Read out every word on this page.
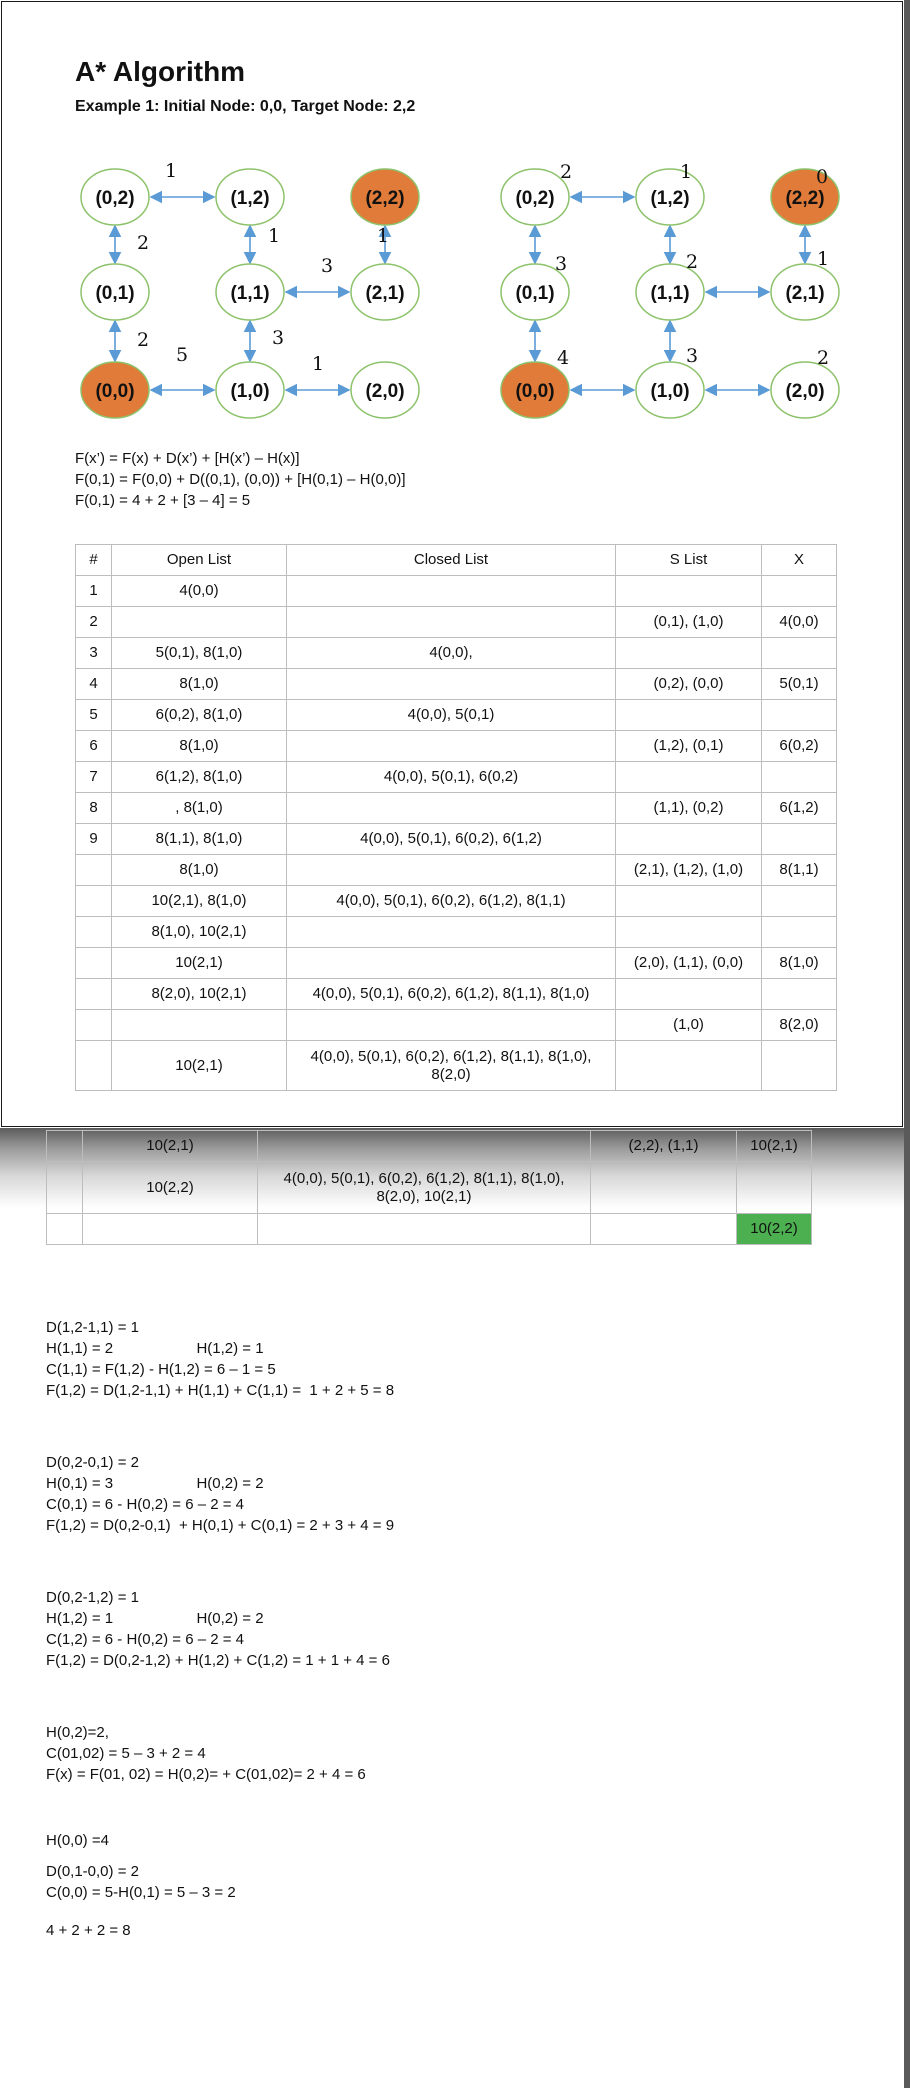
A* Algorithm
Example 1: Initial Node: 0,0, Target Node: 2,2
(0,2)	(1,2)	(2,2)
(0,1)	(1,1)	(2,1)
(0,0)	(1,0)	(2,0)
1
2	1
3
1
2
5
3
1
(0,2)	(1,2)	(2,2)
(0,1)	(1,1)	(2,1)
(0,0)	(1,0)	(2,0)
2	1	0
3	2	1
4	3	2
F(x’) = F(x) + D(x’) + [H(x’) – H(x)]
F(0,1) = F(0,0) + D((0,1), (0,0)) + [H(0,1) – H(0,0)]
F(0,1) = 4 + 2 + [3 – 4] = 5
#	Open List	Closed List	S List	X
1	4(0,0)			
2			(0,1), (1,0)	4(0,0)
3	5(0,1), 8(1,0)	4(0,0),		
4	8(1,0)		(0,2), (0,0)	5(0,1)
5	6(0,2), 8(1,0)	4(0,0), 5(0,1)		
6	8(1,0)		(1,2), (0,1)	6(0,2)
7	6(1,2), 8(1,0)	4(0,0), 5(0,1), 6(0,2)		
8	, 8(1,0)		(1,1), (0,2)	6(1,2)
9	8(1,1), 8(1,0)	4(0,0), 5(0,1), 6(0,2), 6(1,2)		
	8(1,0)		(2,1), (1,2), (1,0)	8(1,1)
	10(2,1), 8(1,0)	4(0,0), 5(0,1), 6(0,2), 6(1,2), 8(1,1)		
	8(1,0), 10(2,1)			
	10(2,1)		(2,0), (1,1), (0,0)	8(1,0)
	8(2,0), 10(2,1)	4(0,0), 5(0,1), 6(0,2), 6(1,2), 8(1,1), 8(1,0)		
			(1,0)	8(2,0)
	10(2,1)	4(0,0), 5(0,1), 6(0,2), 6(1,2), 8(1,1), 8(1,0), 8(2,0)		
	10(2,1)		(2,2), (1,1)	10(2,1)
	10(2,2)	4(0,0), 5(0,1), 6(0,2), 6(1,2), 8(1,1), 8(1,0), 8(2,0), 10(2,1)		
				10(2,2)
D(1,2-1,1) = 1
H(1,1) = 2                    H(1,2) = 1
C(1,1) = F(1,2) - H(1,2) = 6 – 1 = 5
F(1,2) = D(1,2-1,1) + H(1,1) + C(1,1) =  1 + 2 + 5 = 8
D(0,2-0,1) = 2
H(0,1) = 3                    H(0,2) = 2
C(0,1) = 6 - H(0,2) = 6 – 2 = 4
F(1,2) = D(0,2-0,1)  + H(0,1) + C(0,1) = 2 + 3 + 4 = 9
D(0,2-1,2) = 1
H(1,2) = 1                    H(0,2) = 2
C(1,2) = 6 - H(0,2) = 6 – 2 = 4
F(1,2) = D(0,2-1,2) + H(1,2) + C(1,2) = 1 + 1 + 4 = 6
H(0,2)=2,
C(01,02) = 5 – 3 + 2 = 4
F(x) = F(01, 02) = H(0,2)= + C(01,02)= 2 + 4 = 6
H(0,0) =4
D(0,1-0,0) = 2
C(0,0) = 5-H(0,1) = 5 – 3 = 2
4 + 2 + 2 = 8
